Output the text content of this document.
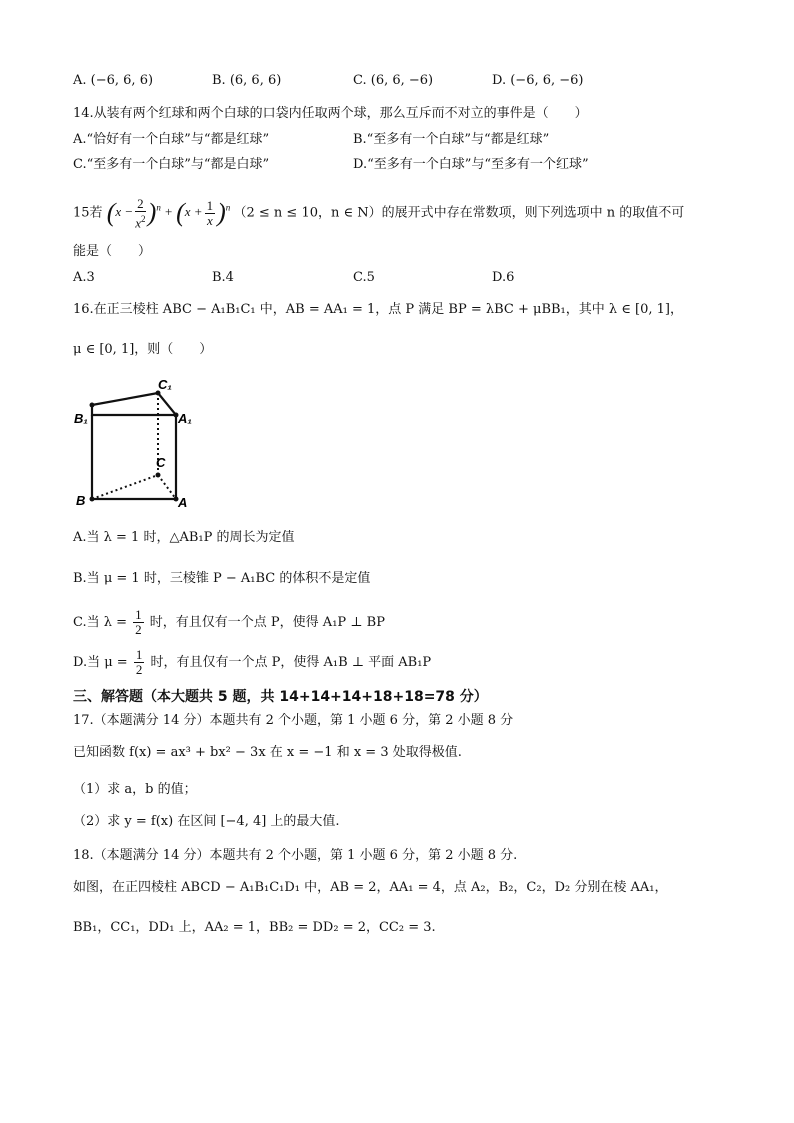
A. (−6, 6, 6)	B. (6, 6, 6)	C. (6, 6, −6)	D. (−6, 6, −6)
14.从装有两个红球和两个白球的口袋内任取两个球，那么互斥而不对立的事件是（　　）
A.“恰好有一个白球”与“都是红球”	B.“至多有一个白球”与“都是红球”
C.“至多有一个白球”与“都是白球”	D.“至多有一个白球”与“至多有一个红球”
15若 $(x - \frac{2}{x^2} )^n + (x + \frac{1}{x} )^n$ （2 ≤ n ≤ 10，n ∈ N）的展开式中存在常数项，则下列选项中 n 的取值不可
能是（　　）
A.3	B.4	C.5	D.6
16.在正三棱柱 ABC − A₁B₁C₁ 中，AB = AA₁ = 1，点 P 满足 BP = λBC + μBB₁，其中 λ ∈ [0, 1]，
μ ∈ [0, 1]，则（　　）
C₁
B₁	A₁
C
B	A
A.当 λ = 1 时，△AB₁P 的周长为定值
B.当 μ = 1 时，三棱锥 P − A₁BC 的体积不是定值
C.当 $\lambda = \frac{1}{2}$ 时，有且仅有一个点 P，使得 A₁P ⊥ BP
D.当 $\mu = \frac{1}{2}$ 时，有且仅有一个点 P，使得 A₁B ⊥ 平面 AB₁P
三、解答题（本大题共 5 题，共 14+14+14+18+18=78 分）
17.（本题满分 14 分）本题共有 2 个小题，第 1 小题 6 分，第 2 小题 8 分
已知函数 f(x) = ax³ + bx² − 3x 在 x = −1 和 x = 3 处取得极值.
（1）求 a，b 的值；
（2）求 y = f(x) 在区间 [−4, 4] 上的最大值.
18.（本题满分 14 分）本题共有 2 个小题，第 1 小题 6 分，第 2 小题 8 分.
如图，在正四棱柱 ABCD − A₁B₁C₁D₁ 中，AB = 2，AA₁ = 4，点 A₂，B₂，C₂，D₂ 分别在棱 AA₁，
BB₁，CC₁，DD₁ 上，AA₂ = 1，BB₂ = DD₂ = 2，CC₂ = 3.
